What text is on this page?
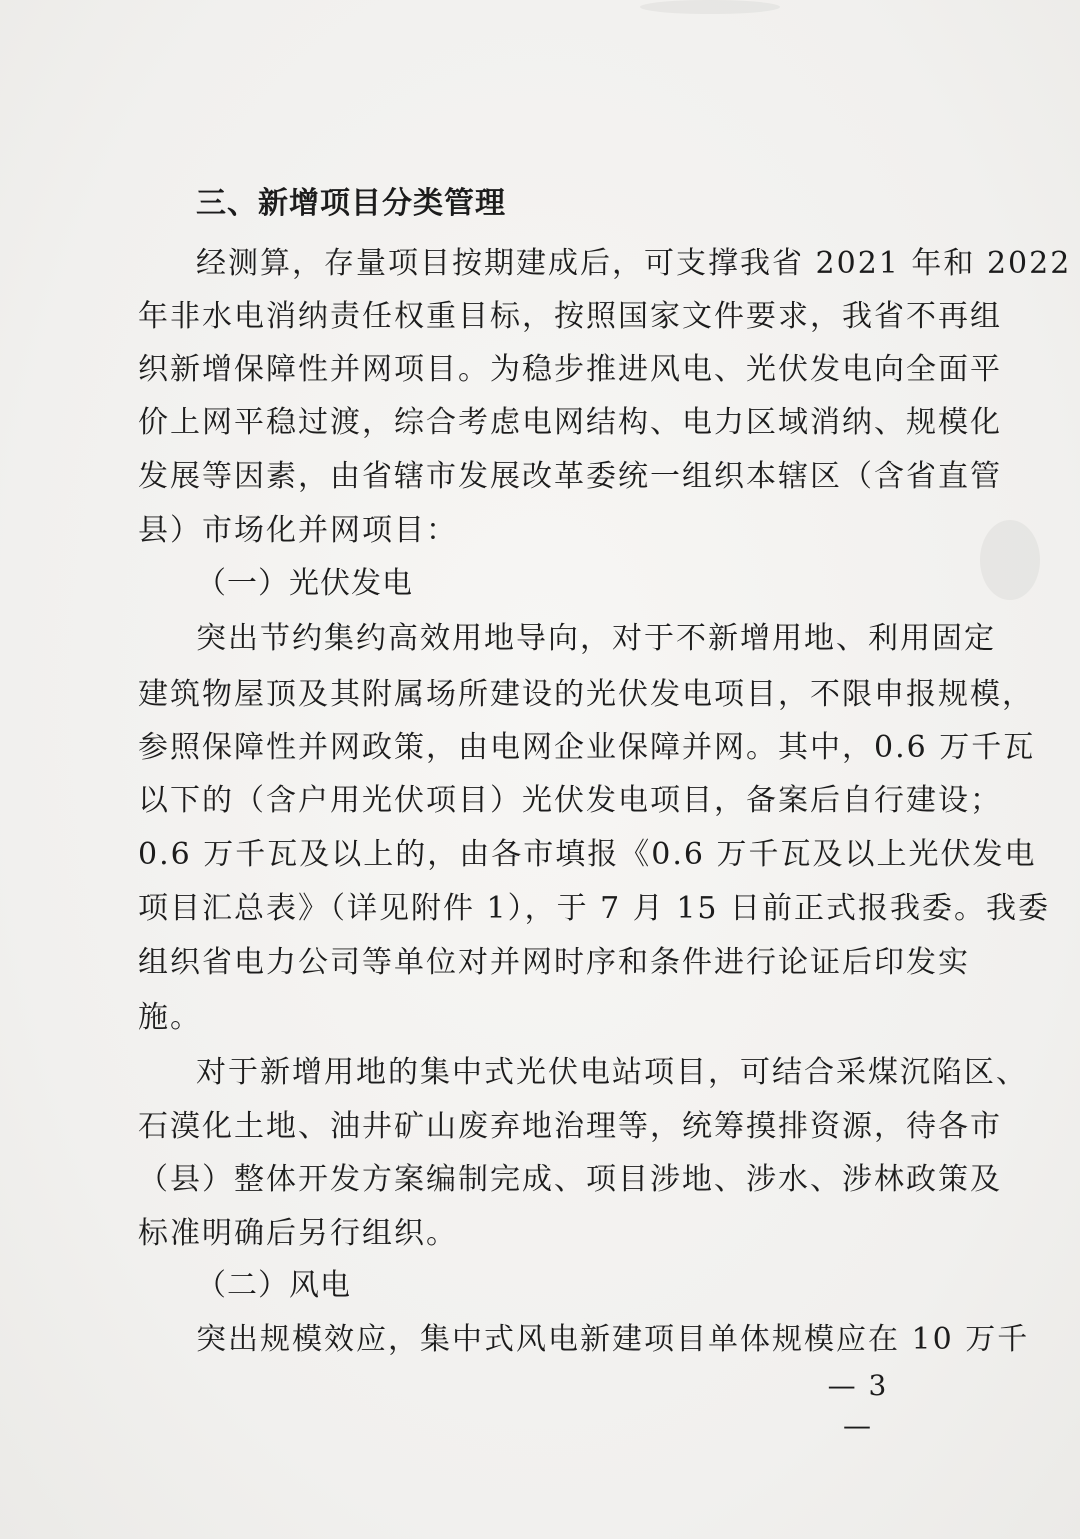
三、新增项目分类管理
经测算，存量项目按期建成后，可支撑我省 2021 年和 2022
年非水电消纳责任权重目标，按照国家文件要求，我省不再组
织新增保障性并网项目。为稳步推进风电、光伏发电向全面平
价上网平稳过渡，综合考虑电网结构、电力区域消纳、规模化
发展等因素，由省辖市发展改革委统一组织本辖区（含省直管
县）市场化并网项目：
（一）光伏发电
突出节约集约高效用地导向，对于不新增用地、利用固定
建筑物屋顶及其附属场所建设的光伏发电项目，不限申报规模，
参照保障性并网政策，由电网企业保障并网。其中，0.6 万千瓦
以下的（含户用光伏项目）光伏发电项目，备案后自行建设；
0.6 万千瓦及以上的，由各市填报《0.6 万千瓦及以上光伏发电
项目汇总表》（详见附件 1），于 7 月 15 日前正式报我委。我委
组织省电力公司等单位对并网时序和条件进行论证后印发实
施。
对于新增用地的集中式光伏电站项目，可结合采煤沉陷区、
石漠化土地、油井矿山废弃地治理等，统筹摸排资源，待各市
（县）整体开发方案编制完成、项目涉地、涉水、涉林政策及
标准明确后另行组织。
（二）风电
突出规模效应，集中式风电新建项目单体规模应在 10 万千
— 3 —
